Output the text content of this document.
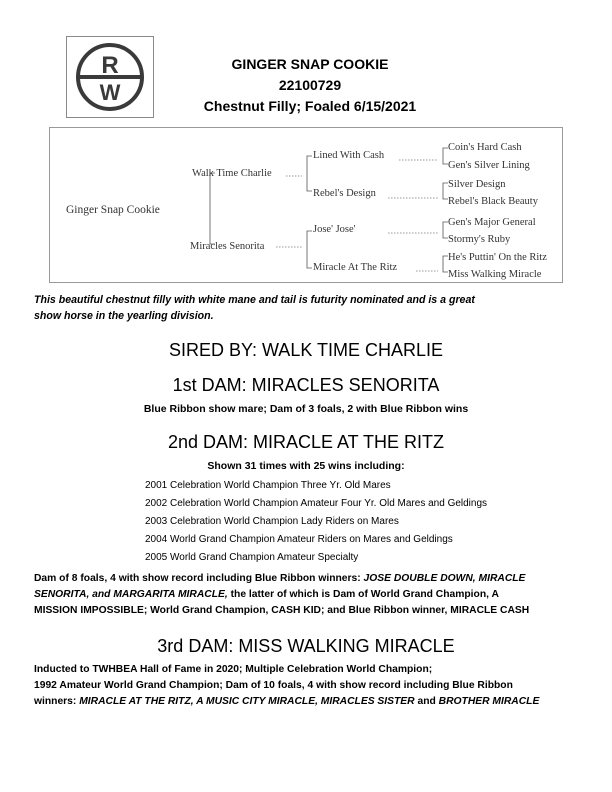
R
W
GINGER SNAP COOKIE
22100729
Chestnut Filly; Foaled 6/15/2021
Ginger Snap Cookie
Walk Time Charlie
Miracles Senorita
Lined With Cash
Rebel's Design
Jose' Jose'
Miracle At The Ritz
Coin's Hard Cash
Gen's Silver Lining
Silver Design
Rebel's Black Beauty
Gen's Major General
Stormy's Ruby
He's Puttin' On the Ritz
Miss Walking Miracle
This beautiful chestnut filly with white mane and tail is futurity nominated and is a great
show horse in the yearling division.
SIRED BY: WALK TIME CHARLIE
1st DAM: MIRACLES SENORITA
Blue Ribbon show mare; Dam of 3 foals, 2 with Blue Ribbon wins
2nd DAM: MIRACLE AT THE RITZ
Shown 31 times with 25 wins including:
2001 Celebration World Champion Three Yr. Old Mares
2002 Celebration World Champion Amateur Four Yr. Old Mares and Geldings
2003 Celebration World Champion Lady Riders on Mares
2004 World Grand Champion Amateur Riders on Mares and Geldings
2005 World Grand Champion Amateur Specialty
Dam of 8 foals, 4 with show record including Blue Ribbon winners: JOSE DOUBLE DOWN, MIRACLE
SENORITA, and MARGARITA MIRACLE, the latter of which is Dam of World Grand Champion, A
MISSION IMPOSSIBLE; World Grand Champion, CASH KID; and Blue Ribbon winner, MIRACLE CASH
3rd DAM: MISS WALKING MIRACLE
Inducted to TWHBEA Hall of Fame in 2020; Multiple Celebration World Champion;
1992 Amateur World Grand Champion; Dam of 10 foals, 4 with show record including Blue Ribbon
winners: MIRACLE AT THE RITZ, A MUSIC CITY MIRACLE, MIRACLES SISTER and BROTHER MIRACLE
